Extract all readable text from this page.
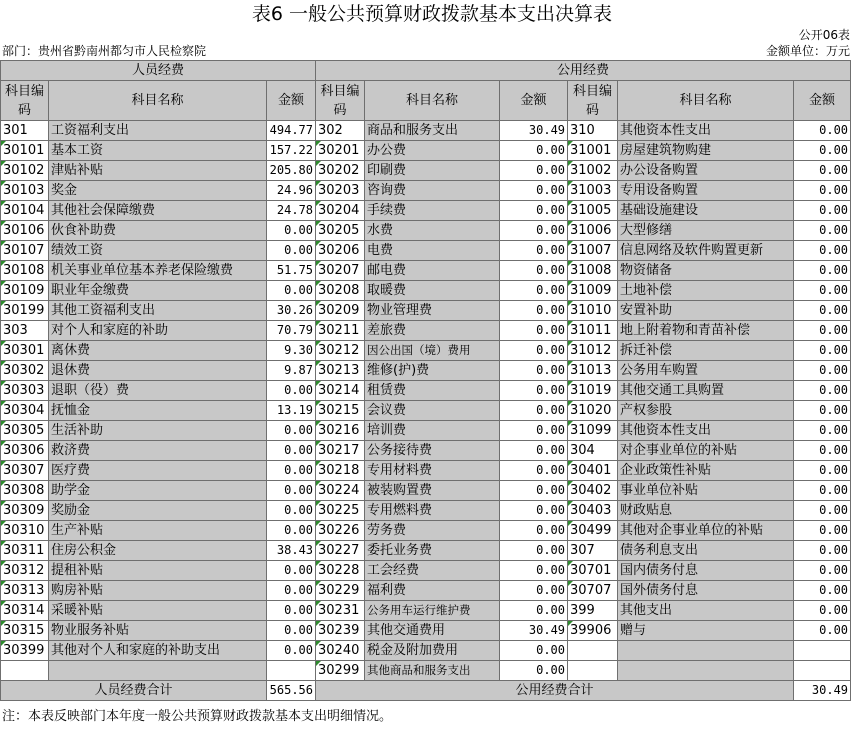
表6 一般公共预算财政拨款基本支出决算表
公开06表
部门：贵州省黔南州都匀市人民检察院	金额单位：万元
人员经费			公用经费					
科目编码	科目名称	金额	科目编码	科目名称	金额	科目编码	科目名称	金额
301	工资福利支出	494.77	302	商品和服务支出	30.49	310	其他资本性支出	0.00
30101	基本工资	157.22	30201	办公费	0.00	31001	房屋建筑物购建	0.00
30102	津贴补贴	205.80	30202	印刷费	0.00	31002	办公设备购置	0.00
30103	奖金	24.96	30203	咨询费	0.00	31003	专用设备购置	0.00
30104	其他社会保障缴费	24.78	30204	手续费	0.00	31005	基础设施建设	0.00
30106	伙食补助费	0.00	30205	水费	0.00	31006	大型修缮	0.00
30107	绩效工资	0.00	30206	电费	0.00	31007	信息网络及软件购置更新	0.00
30108	机关事业单位基本养老保险缴费	51.75	30207	邮电费	0.00	31008	物资储备	0.00
30109	职业年金缴费	0.00	30208	取暖费	0.00	31009	土地补偿	0.00
30199	其他工资福利支出	30.26	30209	物业管理费	0.00	31010	安置补助	0.00
303	对个人和家庭的补助	70.79	30211	差旅费	0.00	31011	地上附着物和青苗补偿	0.00
30301	离休费	9.30	30212	因公出国（境）费用	0.00	31012	拆迁补偿	0.00
30302	退休费	9.87	30213	维修(护)费	0.00	31013	公务用车购置	0.00
30303	退职（役）费	0.00	30214	租赁费	0.00	31019	其他交通工具购置	0.00
30304	抚恤金	13.19	30215	会议费	0.00	31020	产权参股	0.00
30305	生活补助	0.00	30216	培训费	0.00	31099	其他资本性支出	0.00
30306	救济费	0.00	30217	公务接待费	0.00	304	对企事业单位的补贴	0.00
30307	医疗费	0.00	30218	专用材料费	0.00	30401	企业政策性补贴	0.00
30308	助学金	0.00	30224	被装购置费	0.00	30402	事业单位补贴	0.00
30309	奖励金	0.00	30225	专用燃料费	0.00	30403	财政贴息	0.00
30310	生产补贴	0.00	30226	劳务费	0.00	30499	其他对企事业单位的补贴	0.00
30311	住房公积金	38.43	30227	委托业务费	0.00	307	债务利息支出	0.00
30312	提租补贴	0.00	30228	工会经费	0.00	30701	国内债务付息	0.00
30313	购房补贴	0.00	30229	福利费	0.00	30707	国外债务付息	0.00
30314	采暖补贴	0.00	30231	公务用车运行维护费	0.00	399	其他支出	0.00
30315	物业服务补贴	0.00	30239	其他交通费用	30.49	39906	赠与	0.00
30399	其他对个人和家庭的补助支出	0.00	30240	税金及附加费用	0.00			
			30299	其他商品和服务支出	0.00			
人员经费合计		565.56	公用经费合计					30.49
注：本表反映部门本年度一般公共预算财政拨款基本支出明细情况。
